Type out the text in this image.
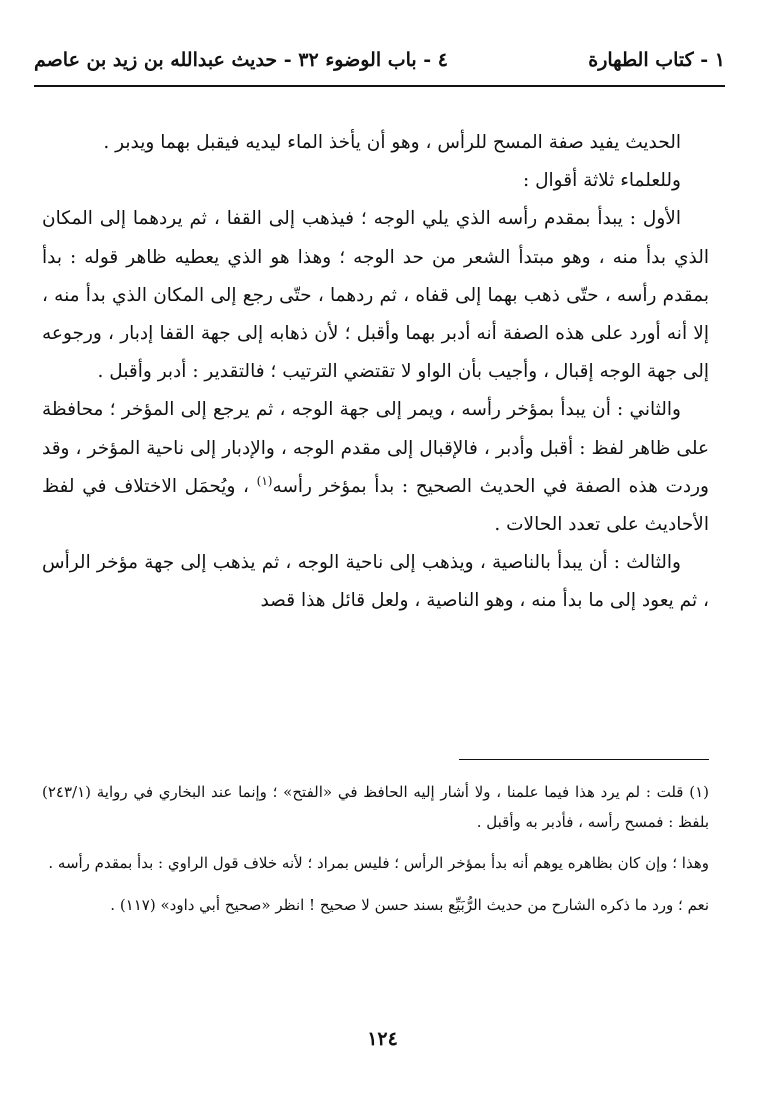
١ - كتاب الطهارة
٤ - باب الوضوء ٣٢ - حديث عبدالله بن زيد بن عاصم

الحديث يفيد صفة المسح للرأس ، وهو أن يأخذ الماء ليديه فيقبل بهما ويدبر .

وللعلماء ثلاثة أقوال :

الأول : يبدأ بمقدم رأسه الذي يلي الوجه ؛ فيذهب إلى القفا ، ثم يردهما إلى المكان الذي بدأ منه ، وهو مبتدأ الشعر من حد الوجه ؛ وهذا هو الذي يعطيه ظاهر قوله : بدأ بمقدم رأسه ، حتّى ذهب بهما إلى قفاه ، ثم ردهما ، حتّى رجع إلى المكان الذي بدأ منه ، إلا أنه أورد على هذه الصفة أنه أدبر بهما وأقبل ؛ لأن ذهابه إلى جهة القفا إدبار ، ورجوعه إلى جهة الوجه إقبال ، وأجيب بأن الواو لا تقتضي الترتيب ؛ فالتقدير : أدبر وأقبل .

والثاني : أن يبدأ بمؤخر رأسه ، ويمر إلى جهة الوجه ، ثم يرجع إلى المؤخر ؛ محافظة على ظاهر لفظ : أقبل وأدبر ، فالإقبال إلى مقدم الوجه ، والإدبار إلى ناحية المؤخر ، وقد وردت هذه الصفة في الحديث الصحيح : بدأ بمؤخر رأسه$^{(١)}$ ، ويُحمَل الاختلاف في لفظ الأحاديث على تعدد الحالات .

والثالث : أن يبدأ بالناصية ، ويذهب إلى ناحية الوجه ، ثم يذهب إلى جهة مؤخر الرأس ، ثم يعود إلى ما بدأ منه ، وهو الناصية ، ولعل قائل هذا قصد

(١) قلت : لم يرد هذا فيما علمنا ، ولا أشار إليه الحافظ في «الفتح» ؛ وإنما عند البخاري في رواية (٢٤٣/١) بلفظ : فمسح رأسه ، فأدبر به وأقبل .

وهذا ؛ وإن كان بظاهره يوهم أنه بدأ بمؤخر الرأس ؛ فليس بمراد ؛ لأنه خلاف قول الراوي : بدأ بمقدم رأسه .

نعم ؛ ورد ما ذكره الشارح من حديث الرُّبَيِّع بسند حسن لا صحيح ! انظر «صحيح أبي داود» (١١٧) .

١٢٤
